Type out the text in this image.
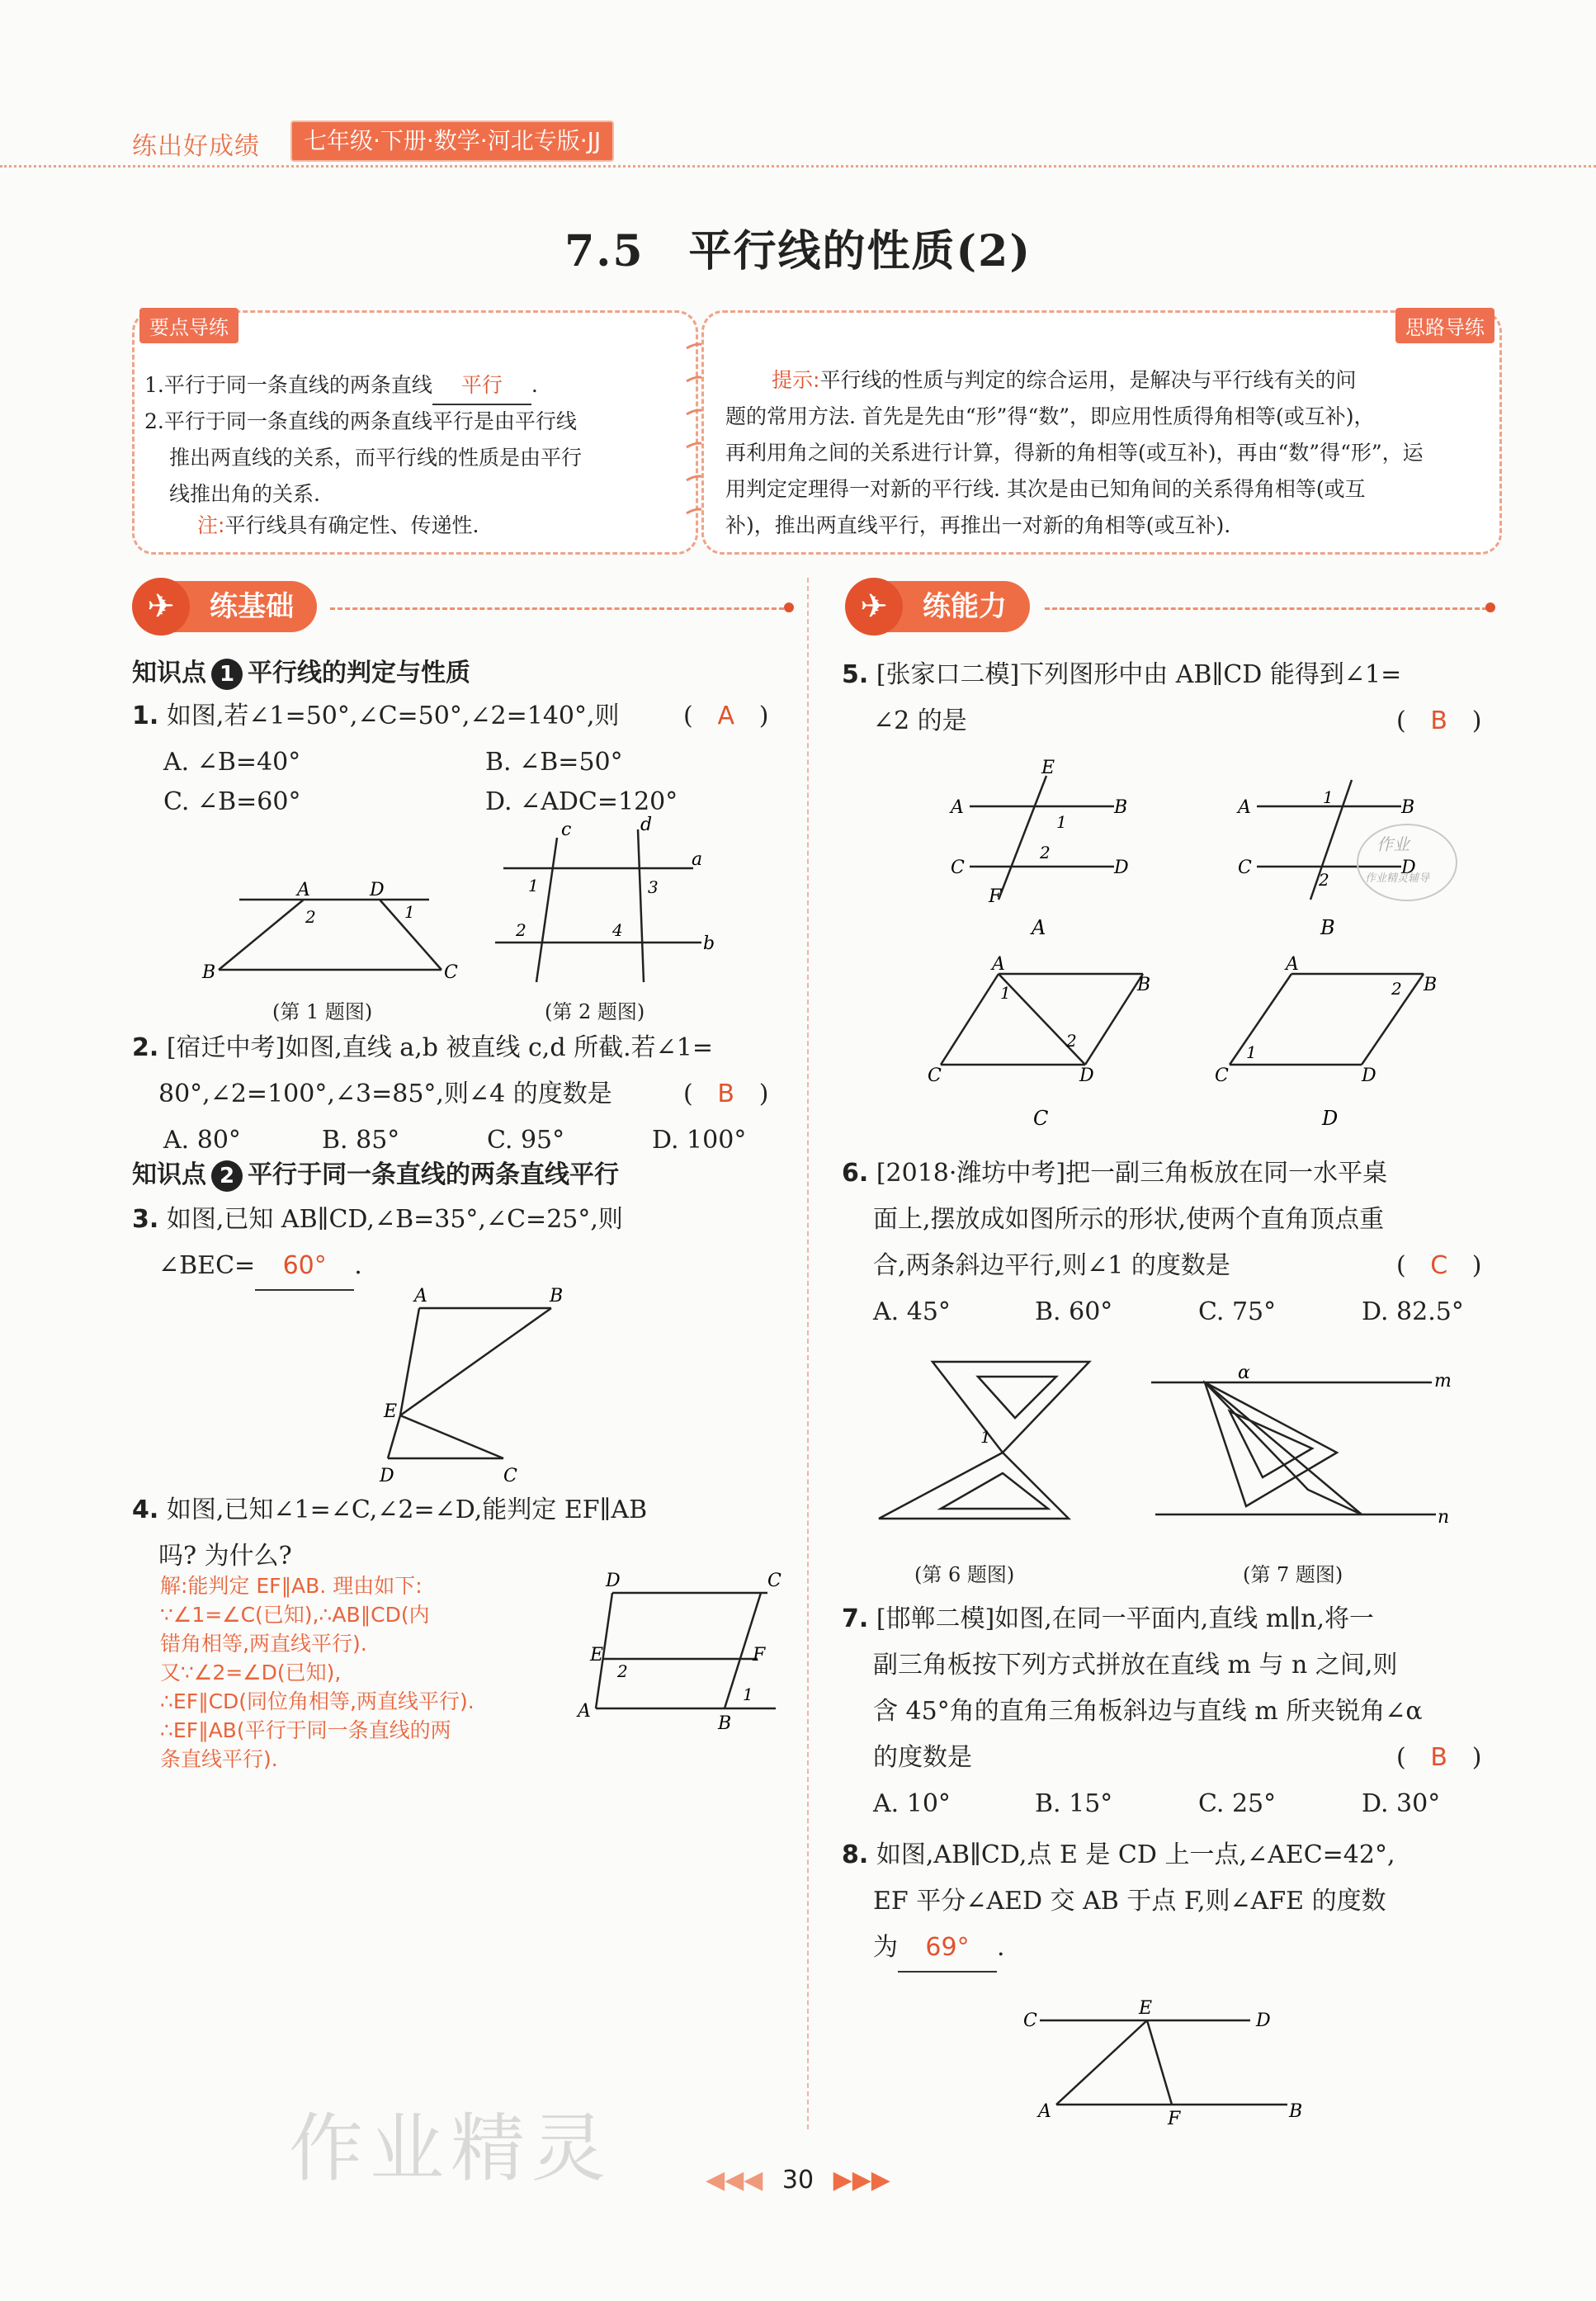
练出好成绩	七年级·下册·数学·河北专版·JJ
7.5　平行线的性质(2)
要点导练
1.平行于同一条直线的两条直线 平行 .
2.平行于同一条直线的两条直线平行是由平行线
推出两直线的关系，而平行线的性质是由平行
线推出角的关系.
注:平行线具有确定性、传递性.
思路导练
提示:平行线的性质与判定的综合运用，是解决与平行线有关的问
题的常用方法. 首先是先由“形”得“数”，即应用性质得角相等(或互补)，
再利用角之间的关系进行计算，得新的角相等(或互补)，再由“数”得“形”，运
用判定定理得一对新的平行线. 其次是由已知角间的关系得角相等(或互
补)，推出两直线平行，再推出一对新的角相等(或互补).
练基础
✈	练能力
✈
知识点 1 平行线的判定与性质
1. 如图,若∠1=50°,∠C=50°,∠2=140°,则	( A )
A. ∠B=40°	B. ∠B=50°
C. ∠B=60°	D. ∠ADC=120°
A	D
B	C
2	1
(第 1 题图)
c	d
a
b
1	3
2	4
(第 2 题图)
2. [宿迁中考]如图,直线 a,b 被直线 c,d 所截.若∠1=
80°,∠2=100°,∠3=85°,则∠4 的度数是	( B )
A. 80°	B. 85°	C. 95°	D. 100°
知识点 2 平行于同一条直线的两条直线平行
3. 如图,已知 AB∥CD,∠B=35°,∠C=25°,则
∠BEC= 60° .
A	B
E
D	C
4. 如图,已知∠1=∠C,∠2=∠D,能判定 EF∥AB
吗? 为什么?
解:能判定 EF∥AB. 理由如下:
∵∠1=∠C(已知),∴AB∥CD(内
错角相等,两直线平行).
又∵∠2=∠D(已知),
∴EF∥CD(同位角相等,两直线平行).
∴EF∥AB(平行于同一条直线的两
条直线平行).
D	C
E	F
A
B
2
1
作业精灵
5. [张家口二模]下列图形中由 AB∥CD 能得到∠1=
∠2 的是	( B )
A	B
C	D
E
F
1
2
A
A	B
C	D
1
2
B
作业
作业精灵辅导
A
B
C	D
1
2
C
A
B
C	D
1
2
D
6. [2018·潍坊中考]把一副三角板放在同一水平桌
面上,摆放成如图所示的形状,使两个直角顶点重
合,两条斜边平行,则∠1 的度数是	( C )
A. 45°	B. 60°	C. 75°	D. 82.5°
1
(第 6 题图)
α	m
n
(第 7 题图)
7. [邯郸二模]如图,在同一平面内,直线 m∥n,将一
副三角板按下列方式拼放在直线 m 与 n 之间,则
含 45°角的直角三角板斜边与直线 m 所夹锐角∠α
的度数是	( B )
A. 10°	B. 15°	C. 25°	D. 30°
8. 如图,AB∥CD,点 E 是 CD 上一点,∠AEC=42°,
EF 平分∠AED 交 AB 于点 F,则∠AFE 的度数
为 69° .
C
E
D
A	F	B
◀◀◀ 30 ▶▶▶
